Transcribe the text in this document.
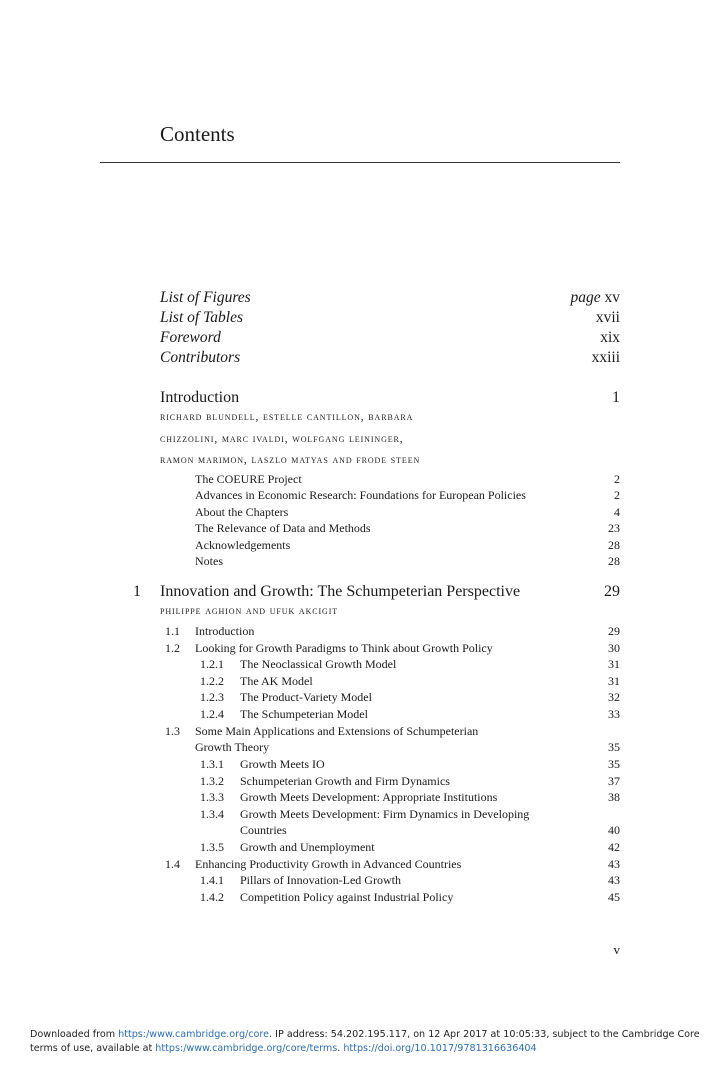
Contents
List of Figures	page xv
List of Tables	xvii
Foreword	xix
Contributors	xxiii
Introduction	1
richard blundell, estelle cantillon, barbara
chizzolini, marc ivaldi, wolfgang leininger,
ramon marimon, laszlo matyas and frode steen
The COEURE Project	2
Advances in Economic Research: Foundations for European Policies	2
About the Chapters	4
The Relevance of Data and Methods	23
Acknowledgements	28
Notes	28
1 Innovation and Growth: The Schumpeterian Perspective	29
philippe aghion and ufuk akcigit
1.1 Introduction	29
1.2 Looking for Growth Paradigms to Think about Growth Policy	30
1.2.1 The Neoclassical Growth Model	31
1.2.2 The AK Model	31
1.2.3 The Product-Variety Model	32
1.2.4 The Schumpeterian Model	33
1.3 Some Main Applications and Extensions of Schumpeterian
Growth Theory	35
1.3.1 Growth Meets IO	35
1.3.2 Schumpeterian Growth and Firm Dynamics	37
1.3.3 Growth Meets Development: Appropriate Institutions	38
1.3.4 Growth Meets Development: Firm Dynamics in Developing
Countries	40
1.3.5 Growth and Unemployment	42
1.4 Enhancing Productivity Growth in Advanced Countries	43
1.4.1 Pillars of Innovation-Led Growth	43
1.4.2 Competition Policy against Industrial Policy	45
v
Downloaded from https:/www.cambridge.org/core. IP address: 54.202.195.117, on 12 Apr 2017 at 10:05:33, subject to the Cambridge Core
terms of use, available at https:/www.cambridge.org/core/terms. https://doi.org/10.1017/9781316636404
